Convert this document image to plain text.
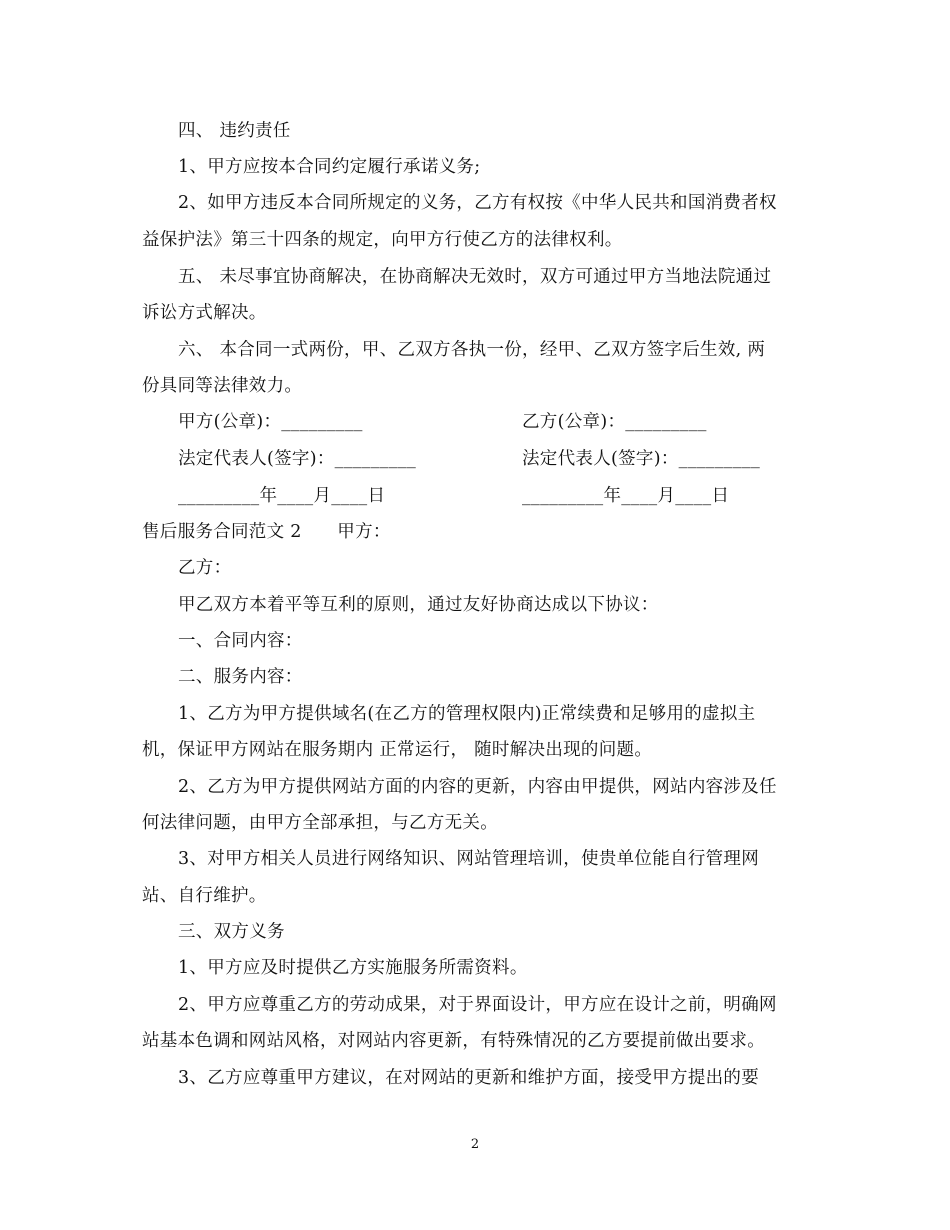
四、 违约责任
1、甲方应按本合同约定履行承诺义务;
2、如甲方违反本合同所规定的义务，乙方有权按《中华人民共和国消费者权
益保护法》第三十四条的规定，向甲方行使乙方的法律权利。
五、 未尽事宜协商解决，在协商解决无效时，双方可通过甲方当地法院通过
诉讼方式解决。
六、 本合同一式两份，甲、乙双方各执一份，经甲、乙双方签字后生效, 两
份具同等法律效力。
甲方(公章)：_________	乙方(公章)：_________
法定代表人(签字)：_________	法定代表人(签字)：_________
_________年____月____日	_________年____月____日
售后服务合同范文 2　　甲方：
乙方：
甲乙双方本着平等互利的原则，通过友好协商达成以下协议：
一、合同内容：
二、服务内容：
1、乙方为甲方提供域名(在乙方的管理权限内)正常续费和足够用的虚拟主
机，保证甲方网站在服务期内 正常运行， 随时解决出现的问题。
2、乙方为甲方提供网站方面的内容的更新，内容由甲提供，网站内容涉及任
何法律问题，由甲方全部承担，与乙方无关。
3、对甲方相关人员进行网络知识、网站管理培训，使贵单位能自行管理网
站、自行维护。
三、双方义务
1、甲方应及时提供乙方实施服务所需资料。
2、甲方应尊重乙方的劳动成果，对于界面设计，甲方应在设计之前，明确网
站基本色调和网站风格，对网站内容更新，有特殊情况的乙方要提前做出要求。
3、乙方应尊重甲方建议，在对网站的更新和维护方面，接受甲方提出的要
2
